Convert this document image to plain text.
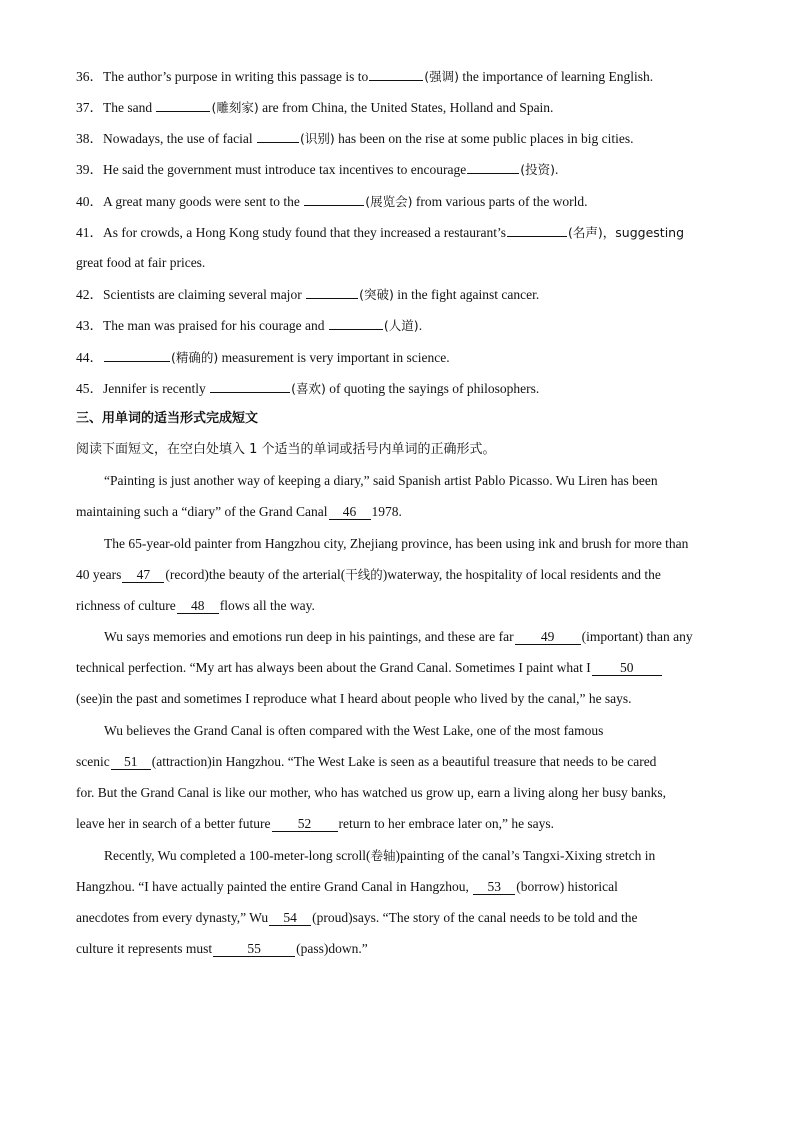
36．The author’s purpose in writing this passage is to	(强调) the importance of learning English.
37．The sand	(雕刻家) are from China, the United States, Holland and Spain.
38．Nowadays, the use of facial	(识别) has been on the rise at some public places in big cities.
39．He said the government must introduce tax incentives to encourage	(投资).
40．A great many goods were sent to the	(展览会) from various parts of the world.
41．As for crowds, a Hong Kong study found that they increased a restaurant’s	(名声)，suggesting
great food at fair prices.
42．Scientists are claiming several major	(突破) in the fight against cancer.
43．The man was praised for his courage and	(人道).
44．	(精确的) measurement is very important in science.
45．Jennifer is recently	(喜欢) of quoting the sayings of philosophers.
三、用单词的适当形式完成短文
阅读下面短文，在空白处填入 1 个适当的单词或括号内单词的正确形式。
“Painting is just another way of keeping a diary,” said Spanish artist Pablo Picasso. Wu Liren has been
maintaining such a “diary” of the Grand Canal 46 1978.
The 65-year-old painter from Hangzhou city, Zhejiang province, has been using ink and brush for more than
40 years 47 (record)the beauty of the arterial(干线的)waterway, the hospitality of local residents and the
richness of culture 48 flows all the way.
Wu says memories and emotions run deep in his paintings, and these are far 49 (important) than any
technical perfection. “My art has always been about the Grand Canal. Sometimes I paint what I 50
(see)in the past and sometimes I reproduce what I heard about people who lived by the canal,” he says.
Wu believes the Grand Canal is often compared with the West Lake, one of the most famous
scenic 51 (attraction)in Hangzhou. “The West Lake is seen as a beautiful treasure that needs to be cared
for. But the Grand Canal is like our mother, who has watched us grow up, earn a living along her busy banks,
leave her in search of a better future 52 return to her embrace later on,” he says.
Recently, Wu completed a 100-meter-long scroll(卷轴)painting of the canal’s Tangxi-Xixing stretch in
Hangzhou. “I have actually painted the entire Grand Canal in Hangzhou, 53 (borrow) historical
anecdotes from every dynasty,” Wu 54 (proud)says. “The story of the canal needs to be told and the
culture it represents must	55	(pass)down.”
